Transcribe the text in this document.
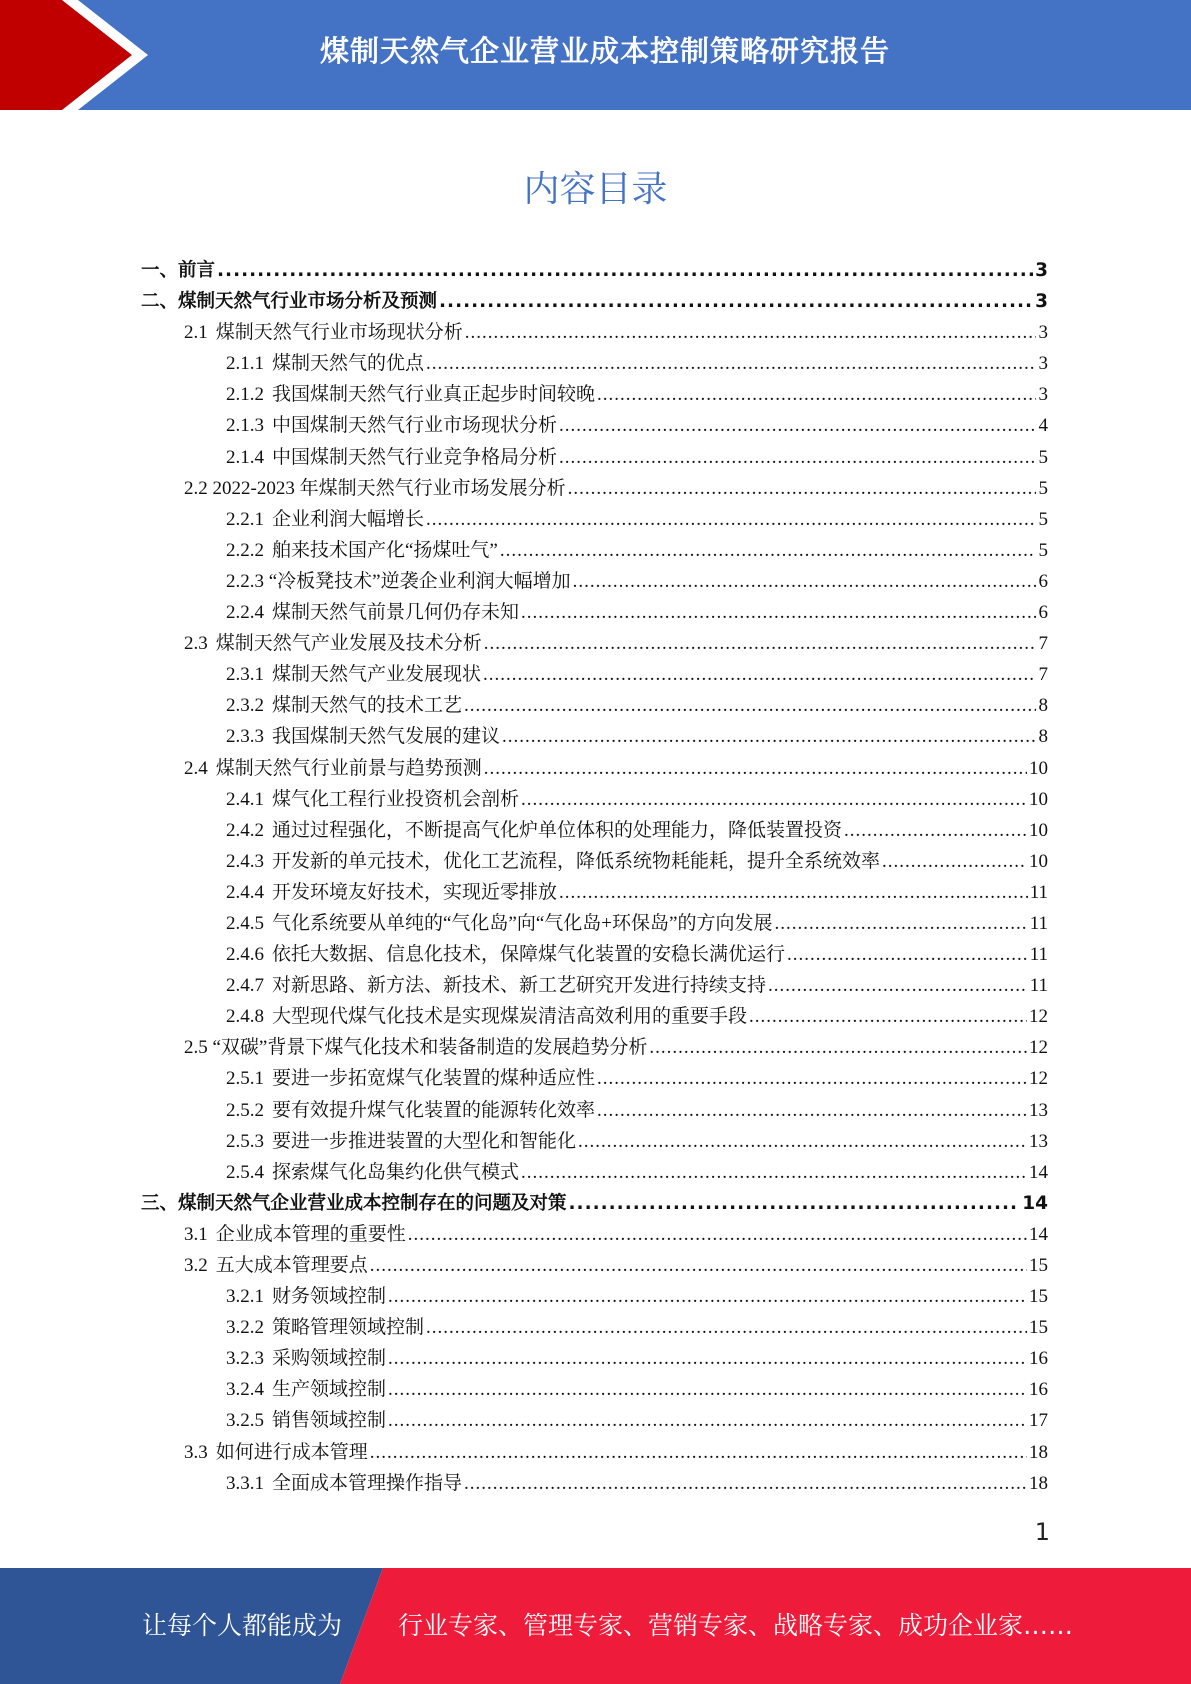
煤制天然气企业营业成本控制策略研究报告
内容目录
一、前言 .....	3
二、煤制天然气行业市场分析及预测 .....	3
2.1 煤制天然气行业市场现状分析 .....	3
2.1.1 煤制天然气的优点 .....	3
2.1.2 我国煤制天然气行业真正起步时间较晚 .....	3
2.1.3 中国煤制天然气行业市场现状分析 .....	4
2.1.4 中国煤制天然气行业竞争格局分析 .....	5
2.2 2022-2023 年煤制天然气行业市场发展分析 .....	5
2.2.1 企业利润大幅增长 .....	5
2.2.2 舶来技术国产化“扬煤吐气” .....	5
2.2.3 “冷板凳技术”逆袭企业利润大幅增加 .....	6
2.2.4 煤制天然气前景几何仍存未知 .....	6
2.3 煤制天然气产业发展及技术分析 .....	7
2.3.1 煤制天然气产业发展现状 .....	7
2.3.2 煤制天然气的技术工艺 .....	8
2.3.3 我国煤制天然气发展的建议 .....	8
2.4 煤制天然气行业前景与趋势预测 .....	10
2.4.1 煤气化工程行业投资机会剖析 .....	10
2.4.2 通过过程强化，不断提高气化炉单位体积的处理能力，降低装置投资 .....	10
2.4.3 开发新的单元技术，优化工艺流程，降低系统物耗能耗，提升全系统效率 .....	10
2.4.4 开发环境友好技术，实现近零排放 .....	11
2.4.5 气化系统要从单纯的“气化岛”向“气化岛+环保岛”的方向发展 .....	11
2.4.6 依托大数据、信息化技术，保障煤气化装置的安稳长满优运行 .....	11
2.4.7 对新思路、新方法、新技术、新工艺研究开发进行持续支持 .....	11
2.4.8 大型现代煤气化技术是实现煤炭清洁高效利用的重要手段 .....	12
2.5 “双碳”背景下煤气化技术和装备制造的发展趋势分析 .....	12
2.5.1 要进一步拓宽煤气化装置的煤种适应性 .....	12
2.5.2 要有效提升煤气化装置的能源转化效率 .....	13
2.5.3 要进一步推进装置的大型化和智能化 .....	13
2.5.4 探索煤气化岛集约化供气模式 .....	14
三、煤制天然气企业营业成本控制存在的问题及对策 .....	14
3.1 企业成本管理的重要性 .....	14
3.2 五大成本管理要点 .....	15
3.2.1 财务领域控制 .....	15
3.2.2 策略管理领域控制 .....	15
3.2.3 采购领域控制 .....	16
3.2.4 生产领域控制 .....	16
3.2.5 销售领域控制 .....	17
3.3 如何进行成本管理 .....	18
3.3.1 全面成本管理操作指导 .....	18
1
让每个人都能成为 行业专家、管理专家、营销专家、战略专家、成功企业家……
